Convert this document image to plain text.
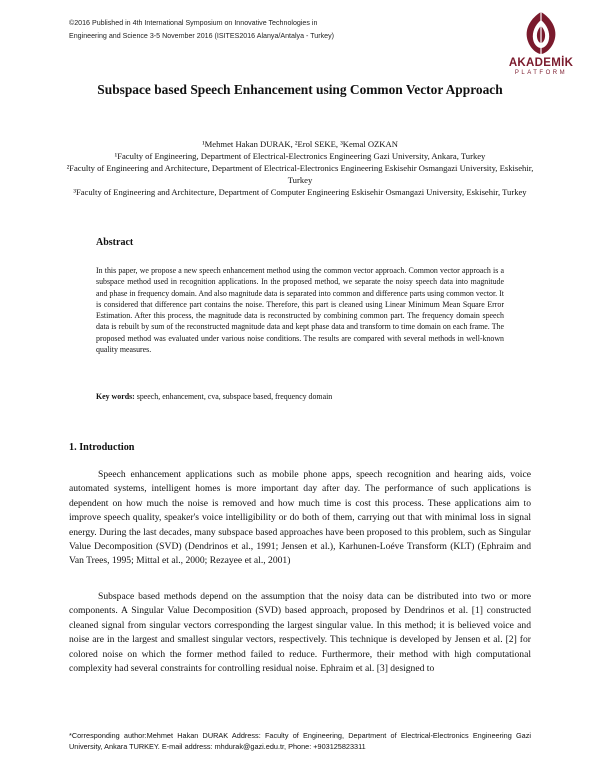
©2016 Published in 4th International Symposium on Innovative Technologies in
Engineering and Science 3-5 November 2016 (ISITES2016 Alanya/Antalya - Turkey)
AKADEMİK
PLATFORM
Subspace based Speech Enhancement using Common Vector Approach

¹Mehmet Hakan DURAK, ²Erol SEKE, ³Kemal OZKAN

¹Faculty of Engineering, Department of Electrical-Electronics Engineering Gazi University, Ankara, Turkey

²Faculty of Engineering and Architecture, Department of Electrical-Electronics Engineering Eskisehir Osmangazi University, Eskisehir, Turkey

³Faculty of Engineering and Architecture, Department of Computer Engineering Eskisehir Osmangazi University, Eskisehir, Turkey

Abstract

In this paper, we propose a new speech enhancement method using the common vector approach. Common vector approach is a subspace method used in recognition applications. In the proposed method, we separate the noisy speech data into magnitude and phase in frequency domain. And also magnitude data is separated into common and difference parts using common vector. It is considered that difference part contains the noise. Therefore, this part is cleaned using Linear Minimum Mean Square Error Estimation. After this process, the magnitude data is reconstructed by combining common part. The frequency domain speech data is rebuilt by sum of the reconstructed magnitude data and kept phase data and transform to time domain on each frame. The proposed method was evaluated under various noise conditions. The results are compared with several methods in well-known quality measures.

Key words: speech, enhancement, cva, subspace based, frequency domain
1. Introduction

Speech enhancement applications such as mobile phone apps, speech recognition and hearing aids, voice automated systems, intelligent homes is more important day after day. The performance of such applications is dependent on how much the noise is removed and how much time is cost this process. These applications aim to improve speech quality, speaker's voice intelligibility or do both of them, carrying out that with minimal loss in signal energy. During the last decades, many subspace based approaches have been proposed to this problem, such as Singular Value Decomposition (SVD) (Dendrinos et al., 1991; Jensen et al.), Karhunen-Loéve Transform (KLT) (Ephraim and Van Trees, 1995; Mittal et al., 2000; Rezayee et al., 2001)

Subspace based methods depend on the assumption that the noisy data can be distributed into two or more components. A Singular Value Decomposition (SVD) based approach, proposed by Dendrinos et al. [1] constructed cleaned signal from singular vectors corresponding the largest singular value. In this method; it is believed voice and noise are in the largest and smallest singular vectors, respectively. This technique is developed by Jensen et al. [2] for colored noise on which the former method failed to reduce. Furthermore, their method with high computational complexity had several constraints for controlling residual noise. Ephraim et al. [3] designed to

*Corresponding author:Mehmet Hakan DURAK Address: Faculty of Engineering, Department of Electrical-Electronics Engineering Gazi University, Ankara TURKEY. E-mail address: mhdurak@gazi.edu.tr, Phone: +903125823311
